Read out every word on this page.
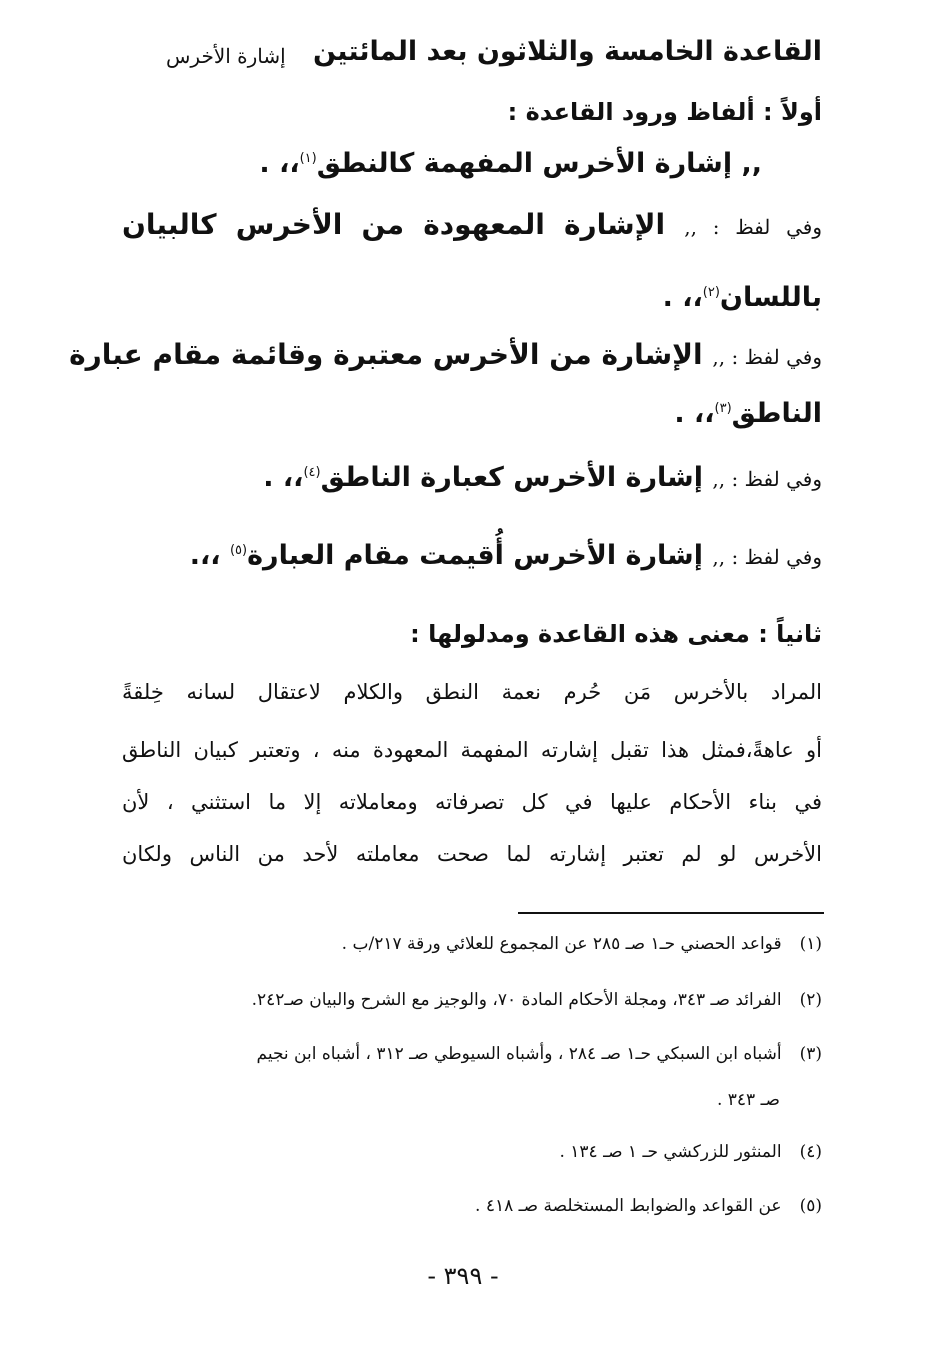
القاعدة الخامسة والثلاثون بعد المائتين
إشارة الأخرس
أولاً : ألفاظ ورود القاعدة :
,, إشارة الأخرس المفهمة كالنطق$^{(١)}$،، .
وفي لفظ : ,, الإشارة المعهودة من الأخرس كالبيان
باللسان$^{(٢)}$،، .
وفي لفظ : ,, الإشارة من الأخرس معتبرة وقائمة مقام عبارة
الناطق$^{(٣)}$،، .
وفي لفظ : ,, إشارة الأخرس كعبارة الناطق$^{(٤)}$،، .
وفي لفظ : ,, إشارة الأخرس أُقيمت مقام العبارة$^{(٥)}$ ،،.
ثانياً : معنى هذه القاعدة ومدلولها :
المراد بالأخرس مَن حُرم نعمة النطق والكلام لاعتقال لسانه خِلقةً
أو عاهةً،فمثل هذا تقبل إشارته المفهمة المعهودة منه ، وتعتبر كبيان الناطق
في بناء الأحكام عليها في كل تصرفاته ومعاملاته إلا ما استثني ، لأن
الأخرس لو لم تعتبر إشارته لما صحت معاملته لأحد من الناس ولكان
(١)قواعد الحصني حـ١ صـ ٢٨٥ عن المجموع للعلائي ورقة ٢١٧/ب .
(٢)الفرائد صـ ٣٤٣، ومجلة الأحكام المادة ٧٠، والوجيز مع الشرح والبيان صـ٢٤٢.
(٣)أشباه ابن السبكي حـ١ صـ ٢٨٤ ، وأشباه السيوطي صـ ٣١٢ ، أشباه ابن نجيم
صـ ٣٤٣ .
(٤)المنثور للزركشي حـ ١ صـ ١٣٤ .
(٥)عن القواعد والضوابط المستخلصة صـ ٤١٨ .
- ٣٩٩ -
